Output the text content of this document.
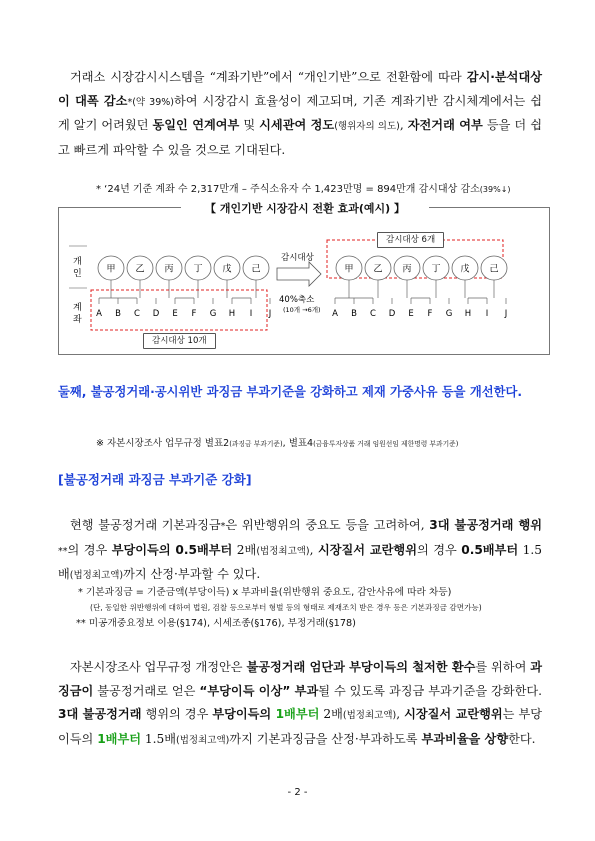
거래소 시장감시시스템을 “계좌기반”에서 “개인기반”으로 전환함에 따라 감시·분석대상이 대폭 감소*(약 39%)하여 시장감시 효율성이 제고되며, 기존 계좌기반 감시체계에서는 쉽게 알기 어려웠던 동일인 연계여부 및 시세관여 정도(행위자의 의도), 자전거래 여부 등을 더 쉽고 빠르게 파악할 수 있을 것으로 기대된다.
* ‘24년 기준 계좌 수 2,317만개 – 주식소유자 수 1,423만명 = 894만개 감시대상 감소(39%↓)
개 인
계 좌
甲 乙 丙 丁 戊 己
A B C D E F G H I J
감시대상
40%축소
(10개 →6개)
甲 乙 丙 丁 戊 己
A B C D E F G H I J
【 개인기반 시장감시 전환 효과(예시) 】
감시대상 10개
감시대상 6개
둘째, 불공정거래·공시위반 과징금 부과기준을 강화하고 제재 가중사유 등을 개선한다.
※ 자본시장조사 업무규정 별표2(과징금 부과기준), 별표4(금융투자상품 거래 임원선임 제한명령 부과기준)
[불공정거래 과징금 부과기준 강화]
현행 불공정거래 기본과징금*은 위반행위의 중요도 등을 고려하여, 3대 불공정거래 행위**의 경우 부당이득의 0.5배부터 2배(법정최고액), 시장질서 교란행위의 경우 0.5배부터 1.5배(법정최고액)까지 산정·부과할 수 있다.
* 기본과징금 = 기준금액(부당이득) x 부과비율(위반행위 중요도, 감안사유에 따라 차등)
(단, 동일한 위반행위에 대하여 법원, 검찰 등으로부터 형벌 등의 형태로 제재조치 받은 경우 등은 기본과징금 감면가능)
** 미공개중요정보 이용(§174), 시세조종(§176), 부정거래(§178)
자본시장조사 업무규정 개정안은 불공정거래 엄단과 부당이득의 철저한 환수를 위하여 과징금이 불공정거래로 얻은 “부당이득 이상” 부과될 수 있도록 과징금 부과기준을 강화한다. 3대 불공정거래 행위의 경우 부당이득의 1배부터 2배(법정최고액), 시장질서 교란행위는 부당이득의 1배부터 1.5배(법정최고액)까지 기본과징금을 산정·부과하도록 부과비율을 상향한다.
- 2 -
